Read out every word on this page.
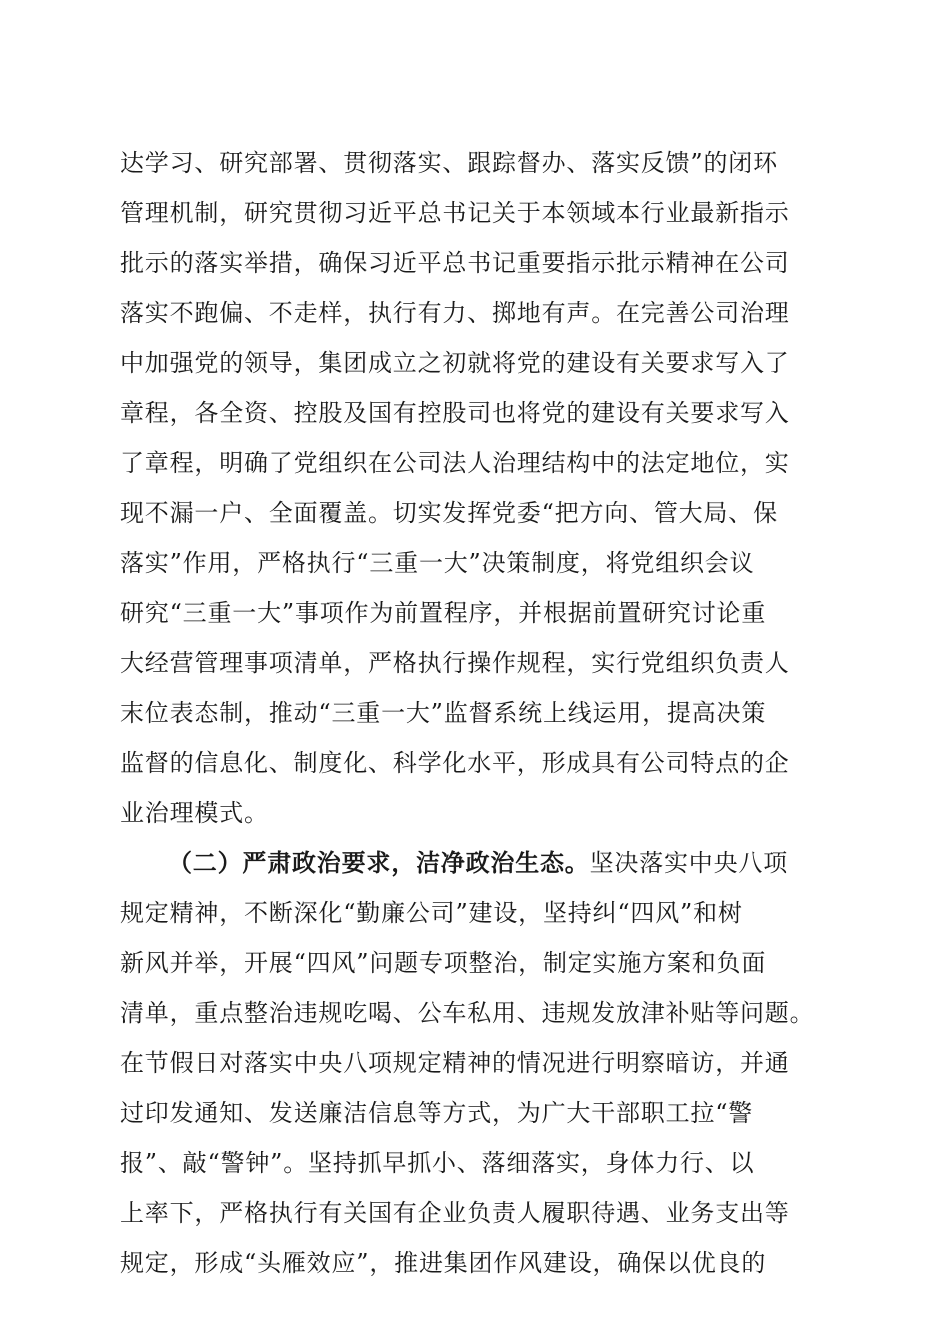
达学习、研究部署、贯彻落实、跟踪督办、落实反馈”的闭环
管理机制，研究贯彻习近平总书记关于本领域本行业最新指示
批示的落实举措，确保习近平总书记重要指示批示精神在公司
落实不跑偏、不走样，执行有力、掷地有声。在完善公司治理
中加强党的领导，集团成立之初就将党的建设有关要求写入了
章程，各全资、控股及国有控股司也将党的建设有关要求写入
了章程，明确了党组织在公司法人治理结构中的法定地位，实
现不漏一户、全面覆盖。切实发挥党委“把方向、管大局、保
落实”作用，严格执行“三重一大”决策制度，将党组织会议
研究“三重一大”事项作为前置程序，并根据前置研究讨论重
大经营管理事项清单，严格执行操作规程，实行党组织负责人
末位表态制，推动“三重一大”监督系统上线运用，提高决策
监督的信息化、制度化、科学化水平，形成具有公司特点的企
业治理模式。
（二）严肃政治要求，洁净政治生态。坚决落实中央八项
规定精神，不断深化“勤廉公司”建设，坚持纠“四风”和树
新风并举，开展“四风”问题专项整治，制定实施方案和负面
清单，重点整治违规吃喝、公车私用、违规发放津补贴等问题。
在节假日对落实中央八项规定精神的情况进行明察暗访，并通
过印发通知、发送廉洁信息等方式，为广大干部职工拉“警
报”、敲“警钟”。坚持抓早抓小、落细落实，身体力行、以
上率下，严格执行有关国有企业负责人履职待遇、业务支出等
规定，形成“头雁效应”，推进集团作风建设，确保以优良的
